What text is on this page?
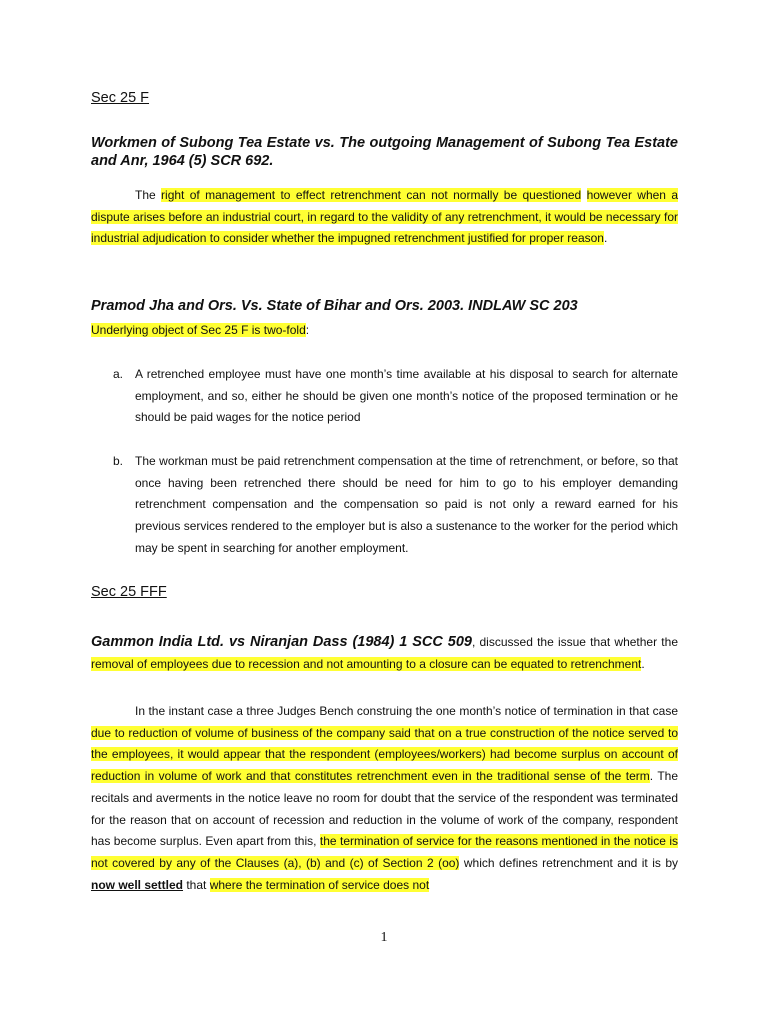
Sec 25 F

Workmen of Subong Tea Estate vs. The outgoing Management of Subong Tea Estate and Anr, 1964 (5) SCR 692.

The right of management to effect retrenchment can not normally be questioned however when a dispute arises before an industrial court, in regard to the validity of any retrenchment, it would be necessary for industrial adjudication to consider whether the impugned retrenchment justified for proper reason.

Pramod Jha and Ors. Vs. State of Bihar and Ors. 2003. INDLAW SC 203

Underlying object of Sec 25 F is two-fold:

a. A retrenched employee must have one month’s time available at his disposal to search for alternate employment, and so, either he should be given one month’s notice of the proposed termination or he should be paid wages for the notice period
b. The workman must be paid retrenchment compensation at the time of retrenchment, or before, so that once having been retrenched there should be need for him to go to his employer demanding retrenchment compensation and the compensation so paid is not only a reward earned for his previous services rendered to the employer but is also a sustenance to the worker for the period which may be spent in searching for another employment.
Sec 25 FFF

Gammon India Ltd. vs Niranjan Dass (1984) 1 SCC 509, discussed the issue that whether the removal of employees due to recession and not amounting to a closure can be equated to retrenchment.

In the instant case a three Judges Bench construing the one month’s notice of termination in that case due to reduction of volume of business of the company said that on a true construction of the notice served to the employees, it would appear that the respondent (employees/workers) had become surplus on account of reduction in volume of work and that constitutes retrenchment even in the traditional sense of the term. The recitals and averments in the notice leave no room for doubt that the service of the respondent was terminated for the reason that on account of recession and reduction in the volume of work of the company, respondent has become surplus. Even apart from this, the termination of service for the reasons mentioned in the notice is not covered by any of the Clauses (a), (b) and (c) of Section 2 (oo) which defines retrenchment and it is by now well settled that where the termination of service does not

1
